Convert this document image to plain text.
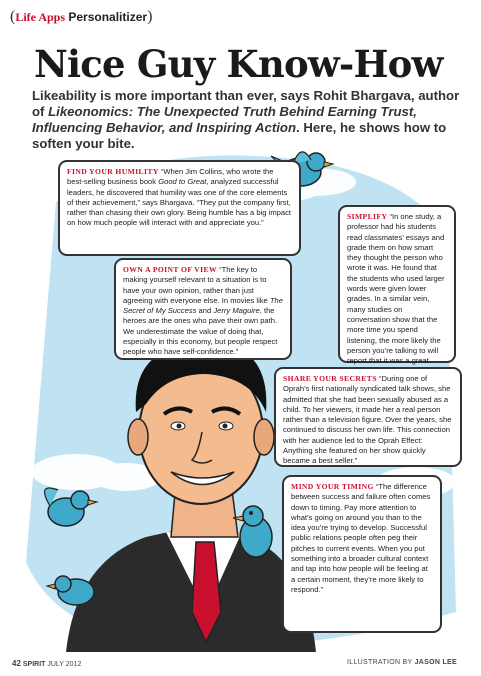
(Life Apps Personalitizer)
Nice Guy Know-How

Likeability is more important than ever, says Rohit Bhargava, author of Likeonomics: The Unexpected Truth Behind Earning Trust, Influencing Behavior, and Inspiring Action. Here, he shows how to soften your bite.

FIND YOUR HUMILITY “When Jim Collins, who wrote the best-selling business book Good to Great, analyzed successful leaders, he discovered that humility was one of the core elements of their achievement,” says Bhargava. “They put the company first, rather than chasing their own glory. Being humble has a big impact on how much people will interact with and appreciate you.”
SIMPLIFY “In one study, a professor had his students read classmates’ essays and grade them on how smart they thought the person who wrote it was. He found that the students who used larger words were given lower grades. In a similar vein, many studies on conversation show that the more time you spend listening, the more likely the person you’re talking to will report that it was a great
OWN A POINT OF VIEW “The key to making yourself relevant to a situation is to have your own opinion, rather than just agreeing with everyone else. In movies like The Secret of My Success and Jerry Maguire, the heroes are the ones who pave their own path. We underestimate the value of doing that, especially in this economy, but people respect people who have self-confidence.”
SHARE YOUR SECRETS “During one of Oprah’s first nationally syndicated talk shows, she admitted that she had been sexually abused as a child. To her viewers, it made her a real person rather than a television figure. Over the years, she continued to discuss her own life. This connection with her audience led to the Oprah Effect: Anything she featured on her show quickly became a best seller.”
MIND YOUR TIMING “The difference between success and failure often comes down to timing. Pay more attention to what’s going on around you than to the idea you’re trying to develop. Successful public relations people often peg their pitches to current events. When you put something into a broader cultural context and tap into how people will be feeling at a certain moment, they’re more likely to respond.”
42 SPIRIT JULY 2012	ILLUSTRATION BY JASON LEE
